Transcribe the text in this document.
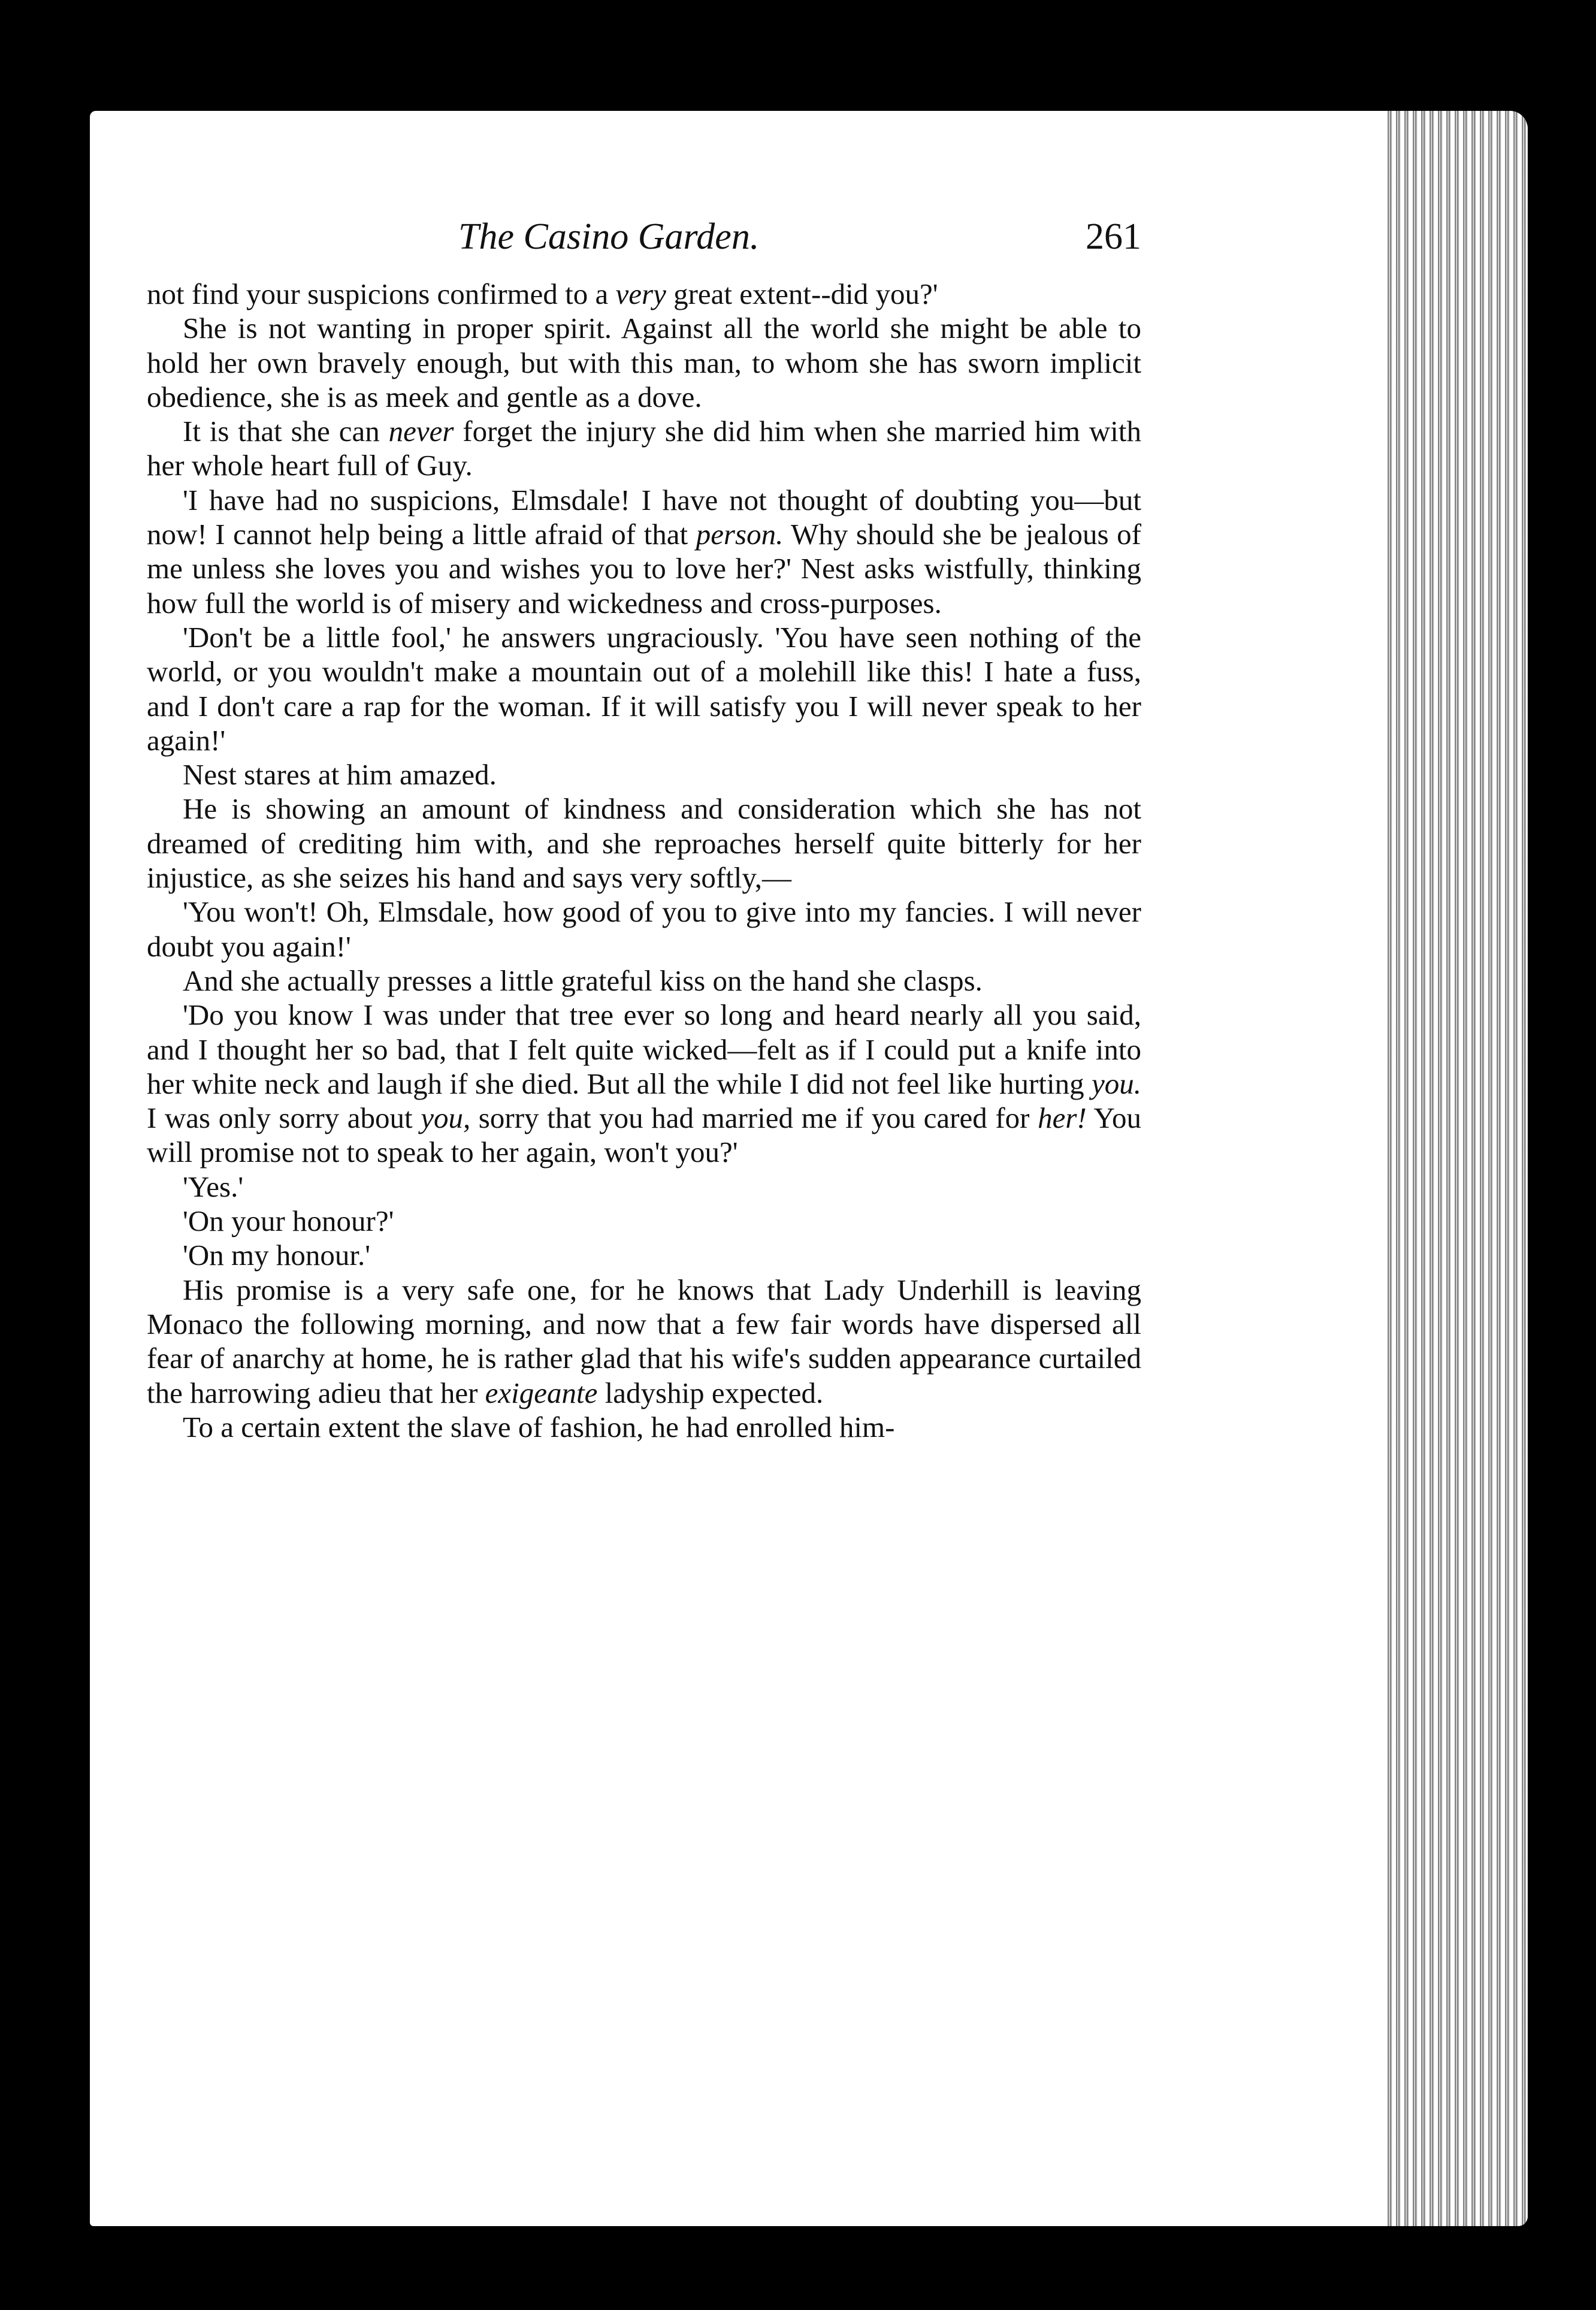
The Casino Garden.	261

not find your suspicions confirmed to a very great extent--did you?'

She is not wanting in proper spirit. Against all the world she might be able to hold her own bravely enough, but with this man, to whom she has sworn implicit obedience, she is as meek and gentle as a dove.

It is that she can never forget the injury she did him when she married him with her whole heart full of Guy.

'I have had no suspicions, Elmsdale! I have not thought of doubting you—but now! I cannot help being a little afraid of that person. Why should she be jealous of me unless she loves you and wishes you to love her?' Nest asks wistfully, thinking how full the world is of misery and wickedness and cross-purposes.

'Don't be a little fool,' he answers ungraciously. 'You have seen nothing of the world, or you wouldn't make a mountain out of a molehill like this! I hate a fuss, and I don't care a rap for the woman. If it will satisfy you I will never speak to her again!'

Nest stares at him amazed.

He is showing an amount of kindness and consideration which she has not dreamed of crediting him with, and she reproaches herself quite bitterly for her injustice, as she seizes his hand and says very softly,—

'You won't! Oh, Elmsdale, how good of you to give into my fancies. I will never doubt you again!'

And she actually presses a little grateful kiss on the hand she clasps.

'Do you know I was under that tree ever so long and heard nearly all you said, and I thought her so bad, that I felt quite wicked—felt as if I could put a knife into her white neck and laugh if she died. But all the while I did not feel like hurting you. I was only sorry about you, sorry that you had married me if you cared for her! You will promise not to speak to her again, won't you?'

'Yes.'

'On your honour?'

'On my honour.'

His promise is a very safe one, for he knows that Lady Underhill is leaving Monaco the following morning, and now that a few fair words have dispersed all fear of anarchy at home, he is rather glad that his wife's sudden appearance curtailed the harrowing adieu that her exigeante ladyship expected.

To a certain extent the slave of fashion, he had enrolled him-
